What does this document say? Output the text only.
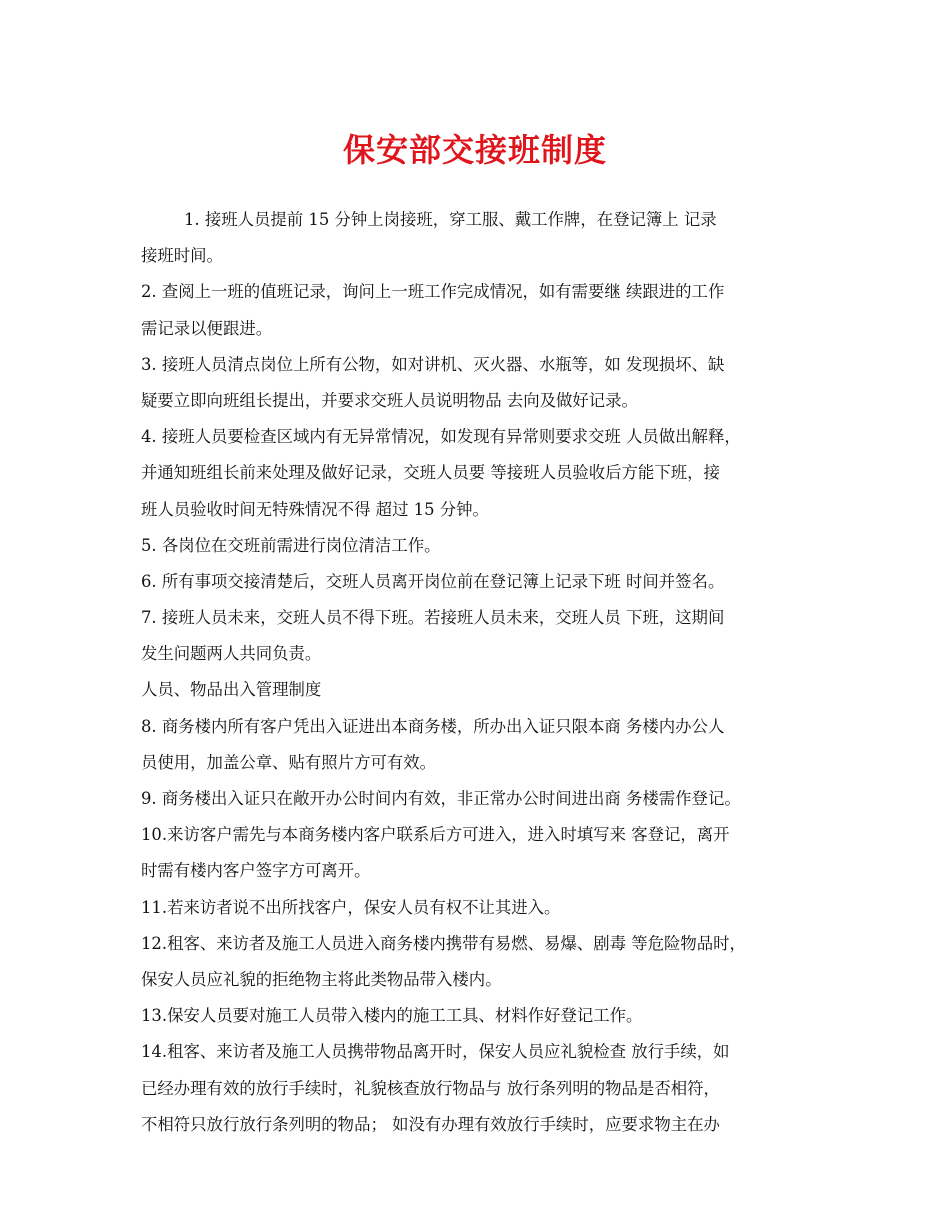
保安部交接班制度
1. 接班人员提前 15 分钟上岗接班，穿工服、戴工作牌，在登记簿上 记录
接班时间。
2. 查阅上一班的值班记录，询问上一班工作完成情况，如有需要继 续跟进的工作
需记录以便跟进。
3. 接班人员清点岗位上所有公物，如对讲机、灭火器、水瓶等，如 发现损坏、缺
疑要立即向班组长提出，并要求交班人员说明物品 去向及做好记录。
4. 接班人员要检查区域内有无异常情况，如发现有异常则要求交班 人员做出解释，
并通知班组长前来处理及做好记录，交班人员要 等接班人员验收后方能下班，接
班人员验收时间无特殊情况不得 超过 15 分钟。
5. 各岗位在交班前需进行岗位清洁工作。
6. 所有事项交接清楚后，交班人员离开岗位前在登记簿上记录下班 时间并签名。
7. 接班人员未来，交班人员不得下班。若接班人员未来，交班人员 下班，这期间
发生问题两人共同负责。
人员、物品出入管理制度
8. 商务楼内所有客户凭出入证进出本商务楼，所办出入证只限本商 务楼内办公人
员使用，加盖公章、贴有照片方可有效。
9. 商务楼出入证只在敞开办公时间内有效，非正常办公时间进出商 务楼需作登记。
10.来访客户需先与本商务楼内客户联系后方可进入，进入时填写来 客登记，离开
时需有楼内客户签字方可离开。
11.若来访者说不出所找客户，保安人员有权不让其进入。
12.租客、来访者及施工人员进入商务楼内携带有易燃、易爆、剧毒 等危险物品时，
保安人员应礼貌的拒绝物主将此类物品带入楼内。
13.保安人员要对施工人员带入楼内的施工工具、材料作好登记工作。
14.租客、来访者及施工人员携带物品离开时，保安人员应礼貌检查 放行手续，如
已经办理有效的放行手续时，礼貌核查放行物品与 放行条列明的物品是否相符，
不相符只放行放行条列明的物品； 如没有办理有效放行手续时，应要求物主在办
